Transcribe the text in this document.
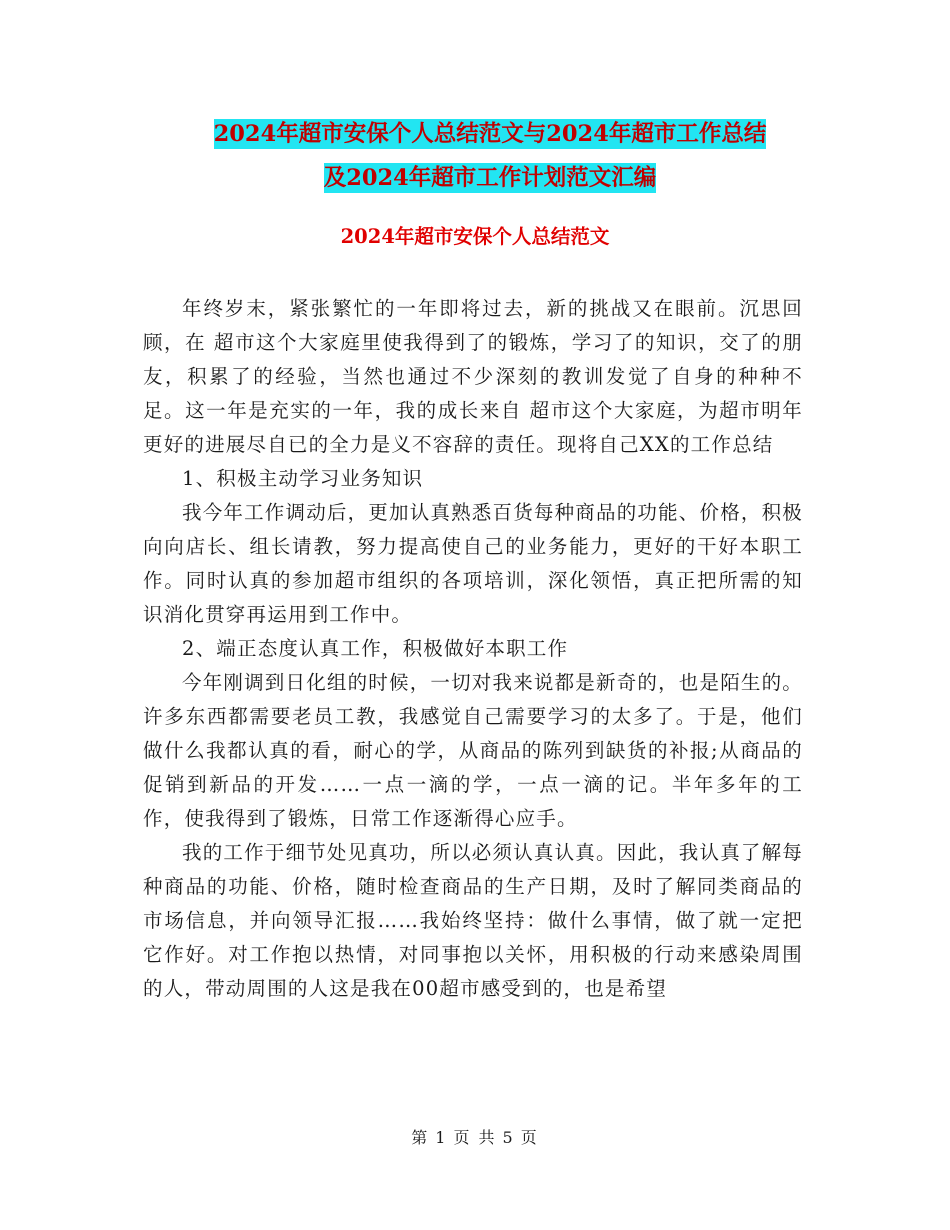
2024年超市安保个人总结范文与2024年超市工作总结
及2024年超市工作计划范文汇编
2024年超市安保个人总结范文

年终岁末，紧张繁忙的一年即将过去，新的挑战又在眼前。沉思回顾，在 超市这个大家庭里使我得到了的锻炼，学习了的知识，交了的朋友，积累了的经验，当然也通过不少深刻的教训发觉了自身的种种不足。这一年是充实的一年，我的成长来自 超市这个大家庭，为超市明年更好的进展尽自已的全力是义不容辞的责任。现将自己XX的工作总结

1、积极主动学习业务知识

我今年工作调动后，更加认真熟悉百货每种商品的功能、价格，积极向向店长、组长请教，努力提高使自己的业务能力，更好的干好本职工作。同时认真的参加超市组织的各项培训，深化领悟，真正把所需的知识消化贯穿再运用到工作中。

2、端正态度认真工作，积极做好本职工作

今年刚调到日化组的时候，一切对我来说都是新奇的，也是陌生的。许多东西都需要老员工教，我感觉自己需要学习的太多了。于是，他们做什么我都认真的看，耐心的学，从商品的陈列到缺货的补报;从商品的促销到新品的开发……一点一滴的学，一点一滴的记。半年多年的工作，使我得到了锻炼，日常工作逐渐得心应手。

我的工作于细节处见真功，所以必须认真认真。因此，我认真了解每种商品的功能、价格，随时检查商品的生产日期，及时了解同类商品的市场信息，并向领导汇报……我始终坚持：做什么事情，做了就一定把它作好。对工作抱以热情，对同事抱以关怀，用积极的行动来感染周围的人，带动周围的人这是我在00超市感受到的，也是希望

第 1 页 共 5 页
